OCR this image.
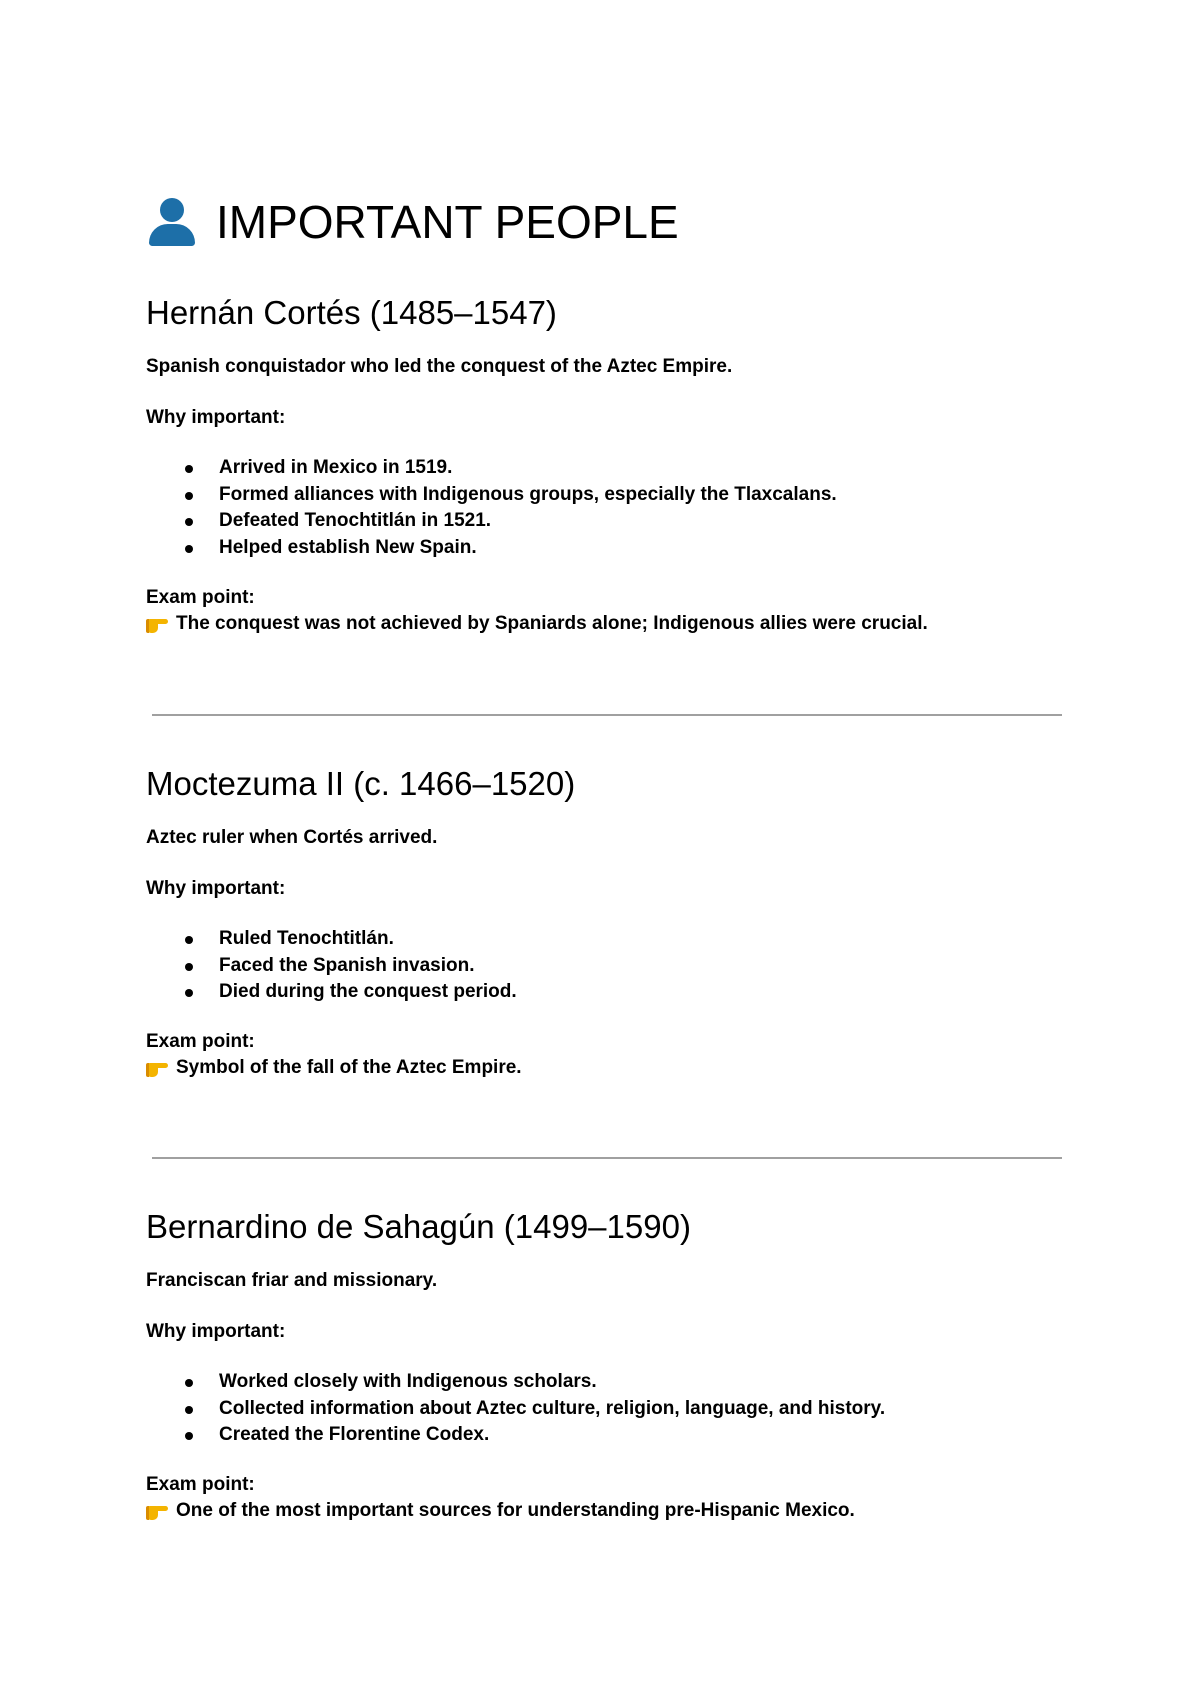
IMPORTANT PEOPLE
Hernán Cortés (1485–1547)

Spanish conquistador who led the conquest of the Aztec Empire.

Why important:

Arrived in Mexico in 1519.
Formed alliances with Indigenous groups, especially the Tlaxcalans.
Defeated Tenochtitlán in 1521.
Helped establish New Spain.

Exam point:

The conquest was not achieved by Spaniards alone; Indigenous allies were crucial.

Moctezuma II (c. 1466–1520)

Aztec ruler when Cortés arrived.

Why important:

Ruled Tenochtitlán.
Faced the Spanish invasion.
Died during the conquest period.

Exam point:

Symbol of the fall of the Aztec Empire.

Bernardino de Sahagún (1499–1590)

Franciscan friar and missionary.

Why important:

Worked closely with Indigenous scholars.
Collected information about Aztec culture, religion, language, and history.
Created the Florentine Codex.

Exam point:

One of the most important sources for understanding pre-Hispanic Mexico.
